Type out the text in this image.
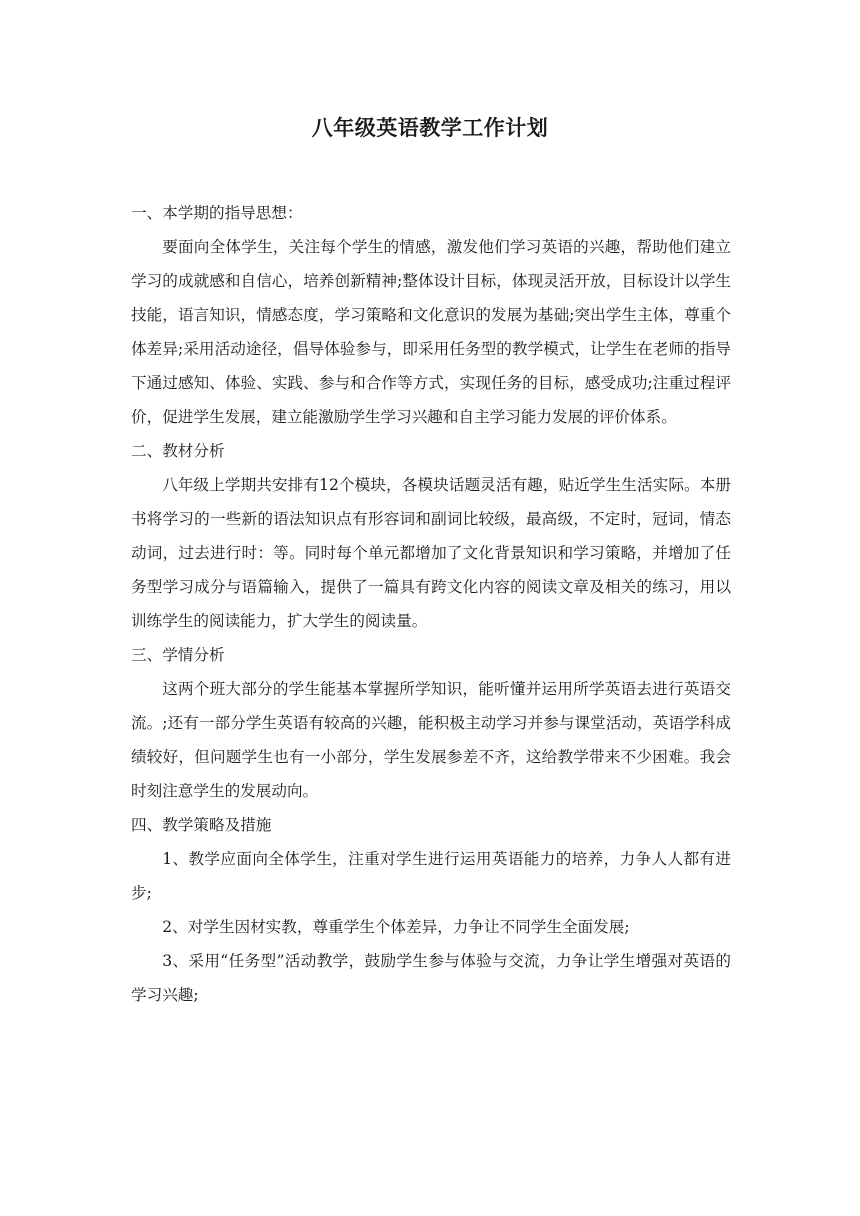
八年级英语教学工作计划

一、本学期的指导思想：

要面向全体学生，关注每个学生的情感，激发他们学习英语的兴趣，帮助他们建立学习的成就感和自信心，培养创新精神;整体设计目标，体现灵活开放，目标设计以学生技能，语言知识，情感态度，学习策略和文化意识的发展为基础;突出学生主体，尊重个体差异;采用活动途径，倡导体验参与，即采用任务型的教学模式，让学生在老师的指导下通过感知、体验、实践、参与和合作等方式，实现任务的目标，感受成功;注重过程评价，促进学生发展，建立能激励学生学习兴趣和自主学习能力发展的评价体系。

二、教材分析

八年级上学期共安排有12个模块，各模块话题灵活有趣，贴近学生生活实际。本册书将学习的一些新的语法知识点有形容词和副词比较级，最高级，不定时，冠词，情态动词，过去进行时：等。同时每个单元都增加了文化背景知识和学习策略，并增加了任务型学习成分与语篇输入，提供了一篇具有跨文化内容的阅读文章及相关的练习，用以训练学生的阅读能力，扩大学生的阅读量。

三、学情分析

这两个班大部分的学生能基本掌握所学知识，能听懂并运用所学英语去进行英语交流。;还有一部分学生英语有较高的兴趣，能积极主动学习并参与课堂活动，英语学科成绩较好，但问题学生也有一小部分，学生发展参差不齐，这给教学带来不少困难。我会时刻注意学生的发展动向。

四、教学策略及措施

1、教学应面向全体学生，注重对学生进行运用英语能力的培养，力争人人都有进步;

2、对学生因材实教，尊重学生个体差异，力争让不同学生全面发展;

3、采用“任务型”活动教学，鼓励学生参与体验与交流，力争让学生增强对英语的学习兴趣;
